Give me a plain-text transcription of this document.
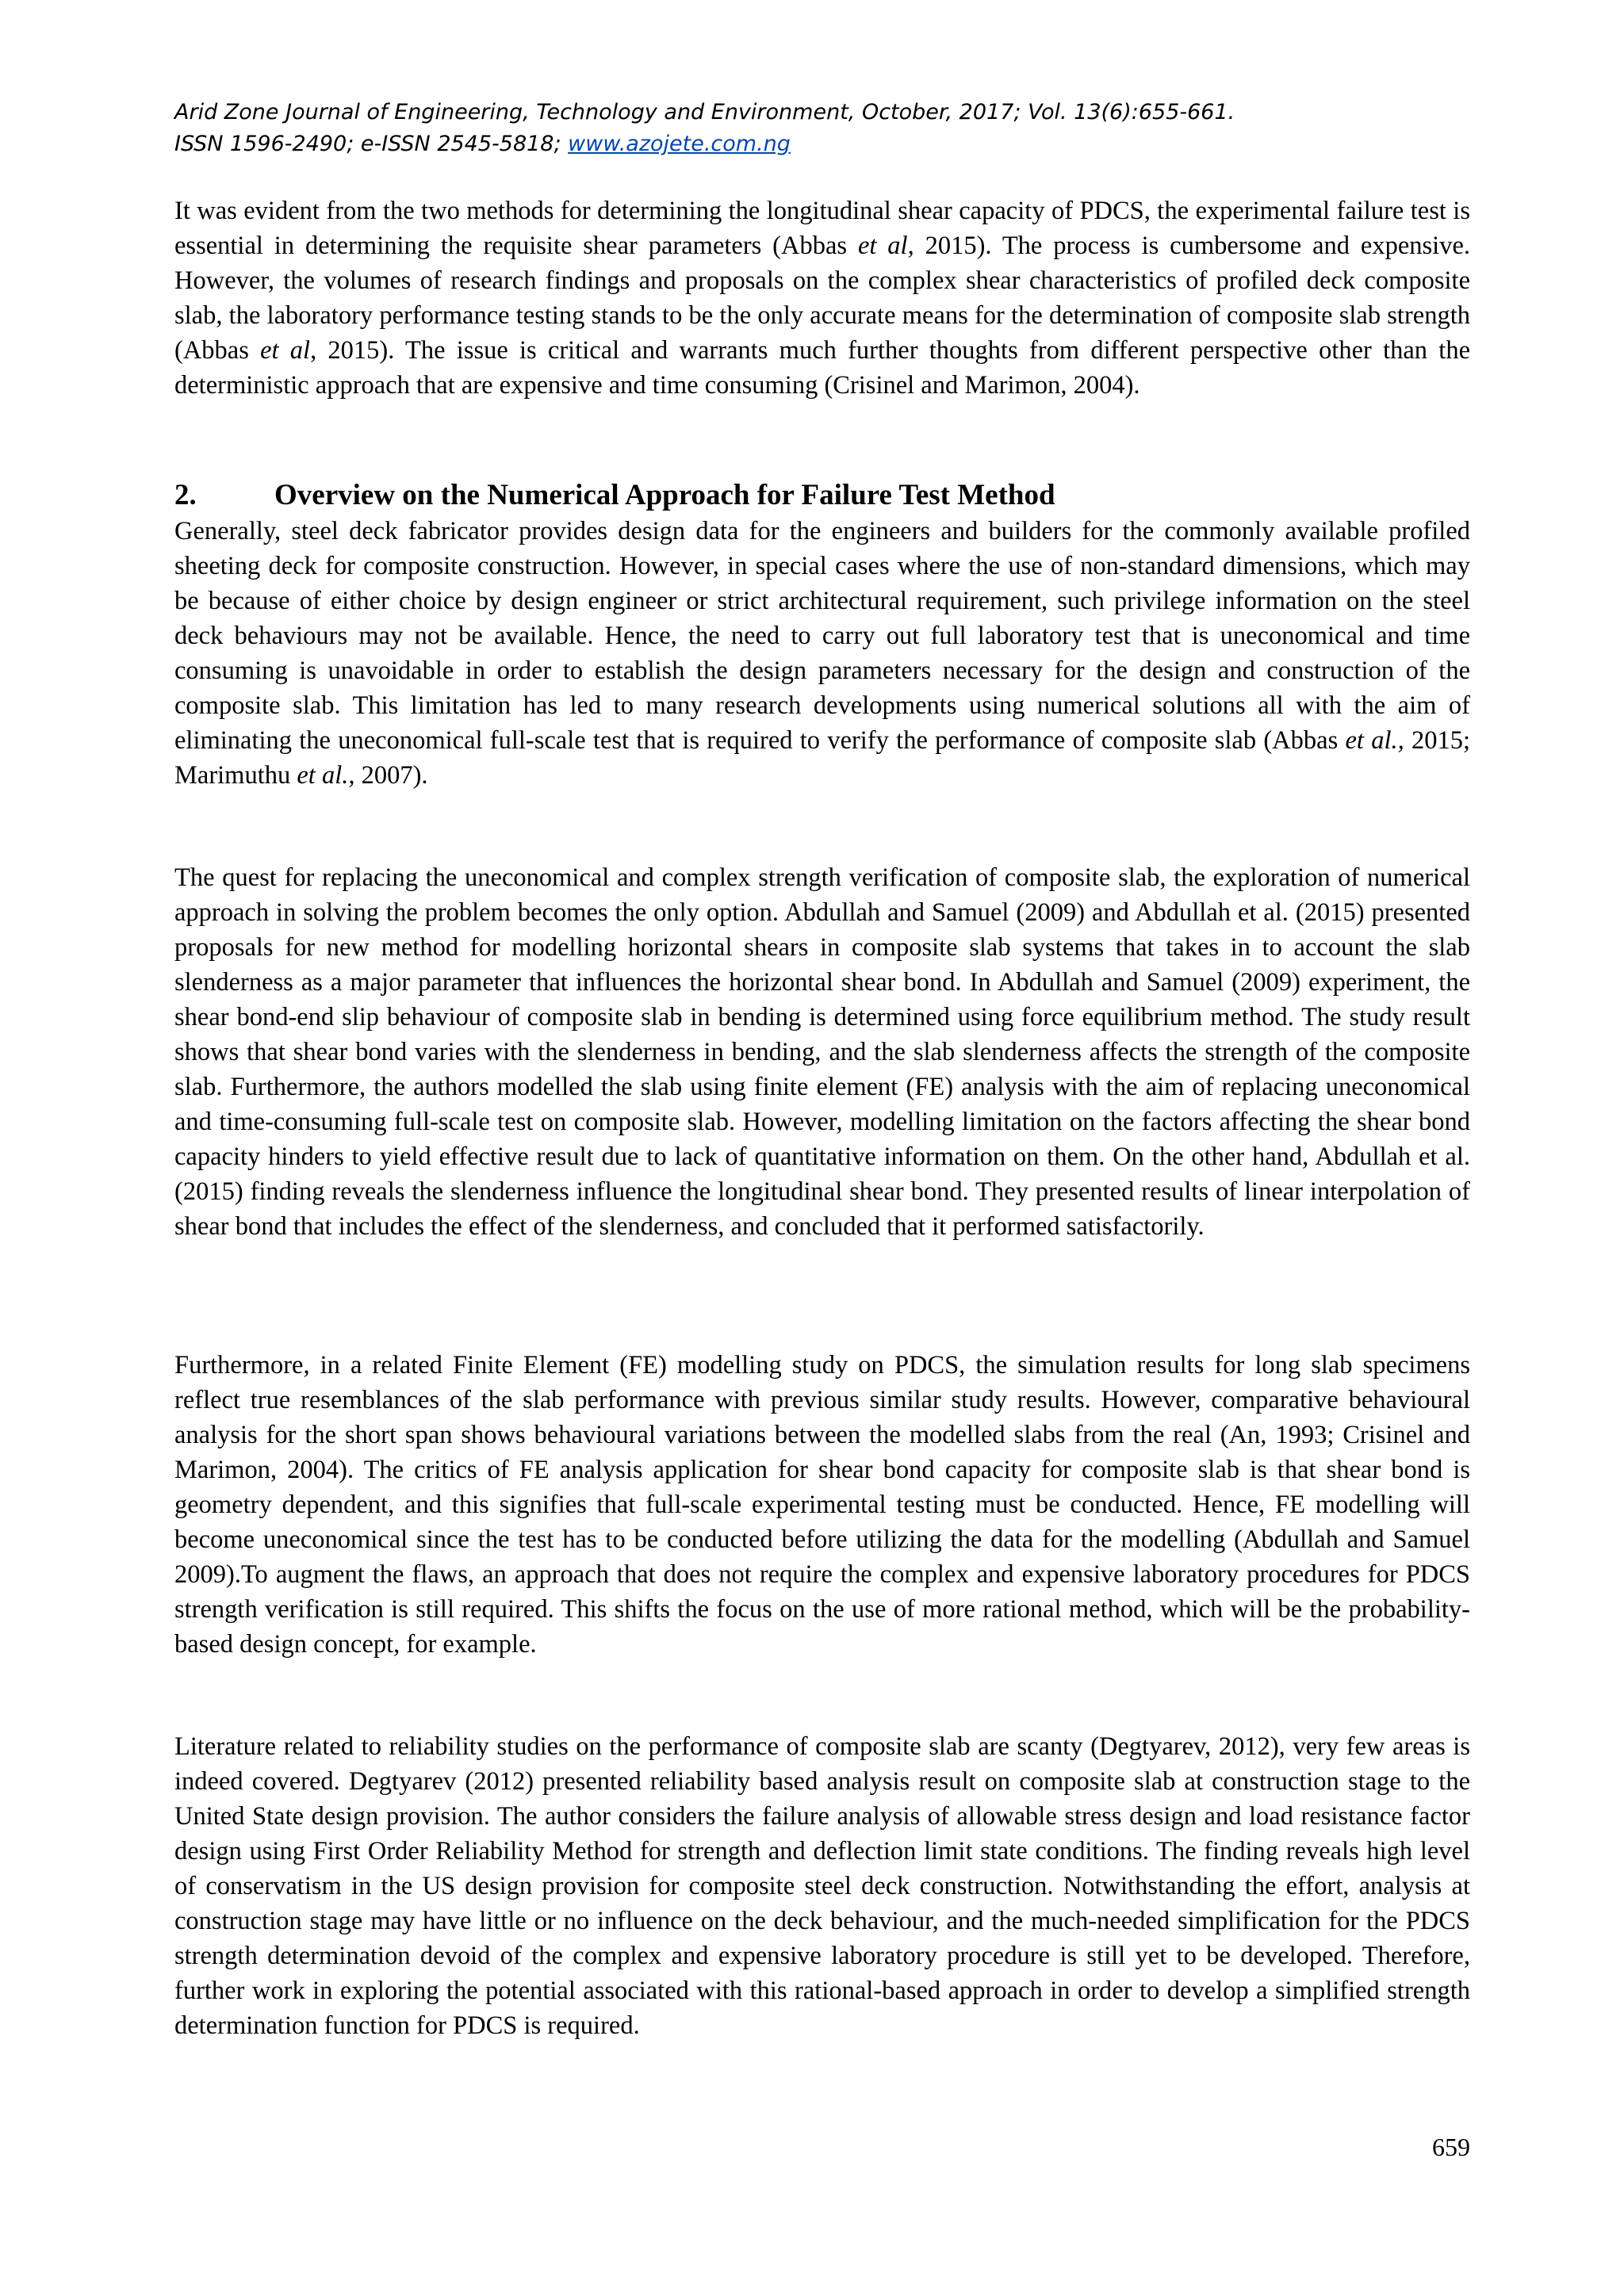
Arid Zone Journal of Engineering, Technology and Environment, October, 2017; Vol. 13(6):655-661.
ISSN 1596-2490; e-ISSN 2545-5818; www.azojete.com.ng

It was evident from the two methods for determining the longitudinal shear capacity of PDCS, the experimental failure test is essential in determining the requisite shear parameters (Abbas et al, 2015). The process is cumbersome and expensive. However, the volumes of research findings and proposals on the complex shear characteristics of profiled deck composite slab, the laboratory performance testing stands to be the only accurate means for the determination of composite slab strength (Abbas et al, 2015). The issue is critical and warrants much further thoughts from different perspective other than the deterministic approach that are expensive and time consuming (Crisinel and Marimon, 2004).

2.	Overview on the Numerical Approach for Failure Test Method

Generally, steel deck fabricator provides design data for the engineers and builders for the commonly available profiled sheeting deck for composite construction. However, in special cases where the use of non-standard dimensions, which may be because of either choice by design engineer or strict architectural requirement, such privilege information on the steel deck behaviours may not be available. Hence, the need to carry out full laboratory test that is uneconomical and time consuming is unavoidable in order to establish the design parameters necessary for the design and construction of the composite slab. This limitation has led to many research developments using numerical solutions all with the aim of eliminating the uneconomical full-scale test that is required to verify the performance of composite slab (Abbas et al., 2015; Marimuthu et al., 2007).

The quest for replacing the uneconomical and complex strength verification of composite slab, the exploration of numerical approach in solving the problem becomes the only option. Abdullah and Samuel (2009) and Abdullah et al. (2015) presented proposals for new method for modelling horizontal shears in composite slab systems that takes in to account the slab slenderness as a major parameter that influences the horizontal shear bond. In Abdullah and Samuel (2009) experiment, the shear bond-end slip behaviour of composite slab in bending is determined using force equilibrium method. The study result shows that shear bond varies with the slenderness in bending, and the slab slenderness affects the strength of the composite slab. Furthermore, the authors modelled the slab using finite element (FE) analysis with the aim of replacing uneconomical and time-consuming full-scale test on composite slab. However, modelling limitation on the factors affecting the shear bond capacity hinders to yield effective result due to lack of quantitative information on them. On the other hand, Abdullah et al. (2015) finding reveals the slenderness influence the longitudinal shear bond. They presented results of linear interpolation of shear bond that includes the effect of the slenderness, and concluded that it performed satisfactorily.

Furthermore, in a related Finite Element (FE) modelling study on PDCS, the simulation results for long slab specimens reflect true resemblances of the slab performance with previous similar study results. However, comparative behavioural analysis for the short span shows behavioural variations between the modelled slabs from the real (An, 1993; Crisinel and Marimon, 2004). The critics of FE analysis application for shear bond capacity for composite slab is that shear bond is geometry dependent, and this signifies that full-scale experimental testing must be conducted. Hence, FE modelling will become uneconomical since the test has to be conducted before utilizing the data for the modelling (Abdullah and Samuel 2009).To augment the flaws, an approach that does not require the complex and expensive laboratory procedures for PDCS strength verification is still required. This shifts the focus on the use of more rational method, which will be the probability-based design concept, for example.

Literature related to reliability studies on the performance of composite slab are scanty (Degtyarev, 2012), very few areas is indeed covered. Degtyarev (2012) presented reliability based analysis result on composite slab at construction stage to the United State design provision. The author considers the failure analysis of allowable stress design and load resistance factor design using First Order Reliability Method for strength and deflection limit state conditions. The finding reveals high level of conservatism in the US design provision for composite steel deck construction. Notwithstanding the effort, analysis at construction stage may have little or no influence on the deck behaviour, and the much-needed simplification for the PDCS strength determination devoid of the complex and expensive laboratory procedure is still yet to be developed. Therefore, further work in exploring the potential associated with this rational-based approach in order to develop a simplified strength determination function for PDCS is required.

659
